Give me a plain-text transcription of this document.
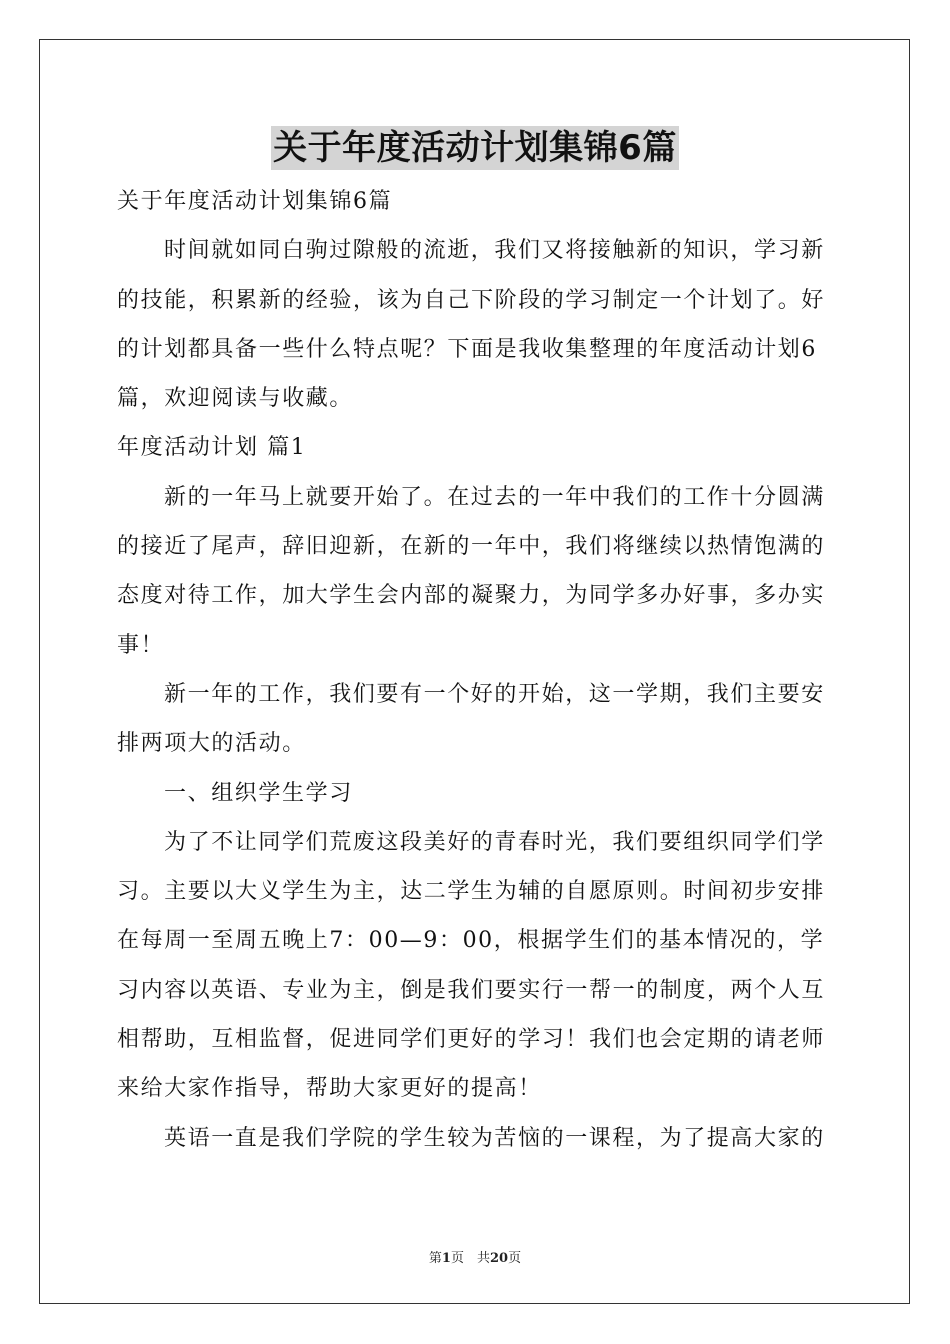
关于年度活动计划集锦6篇

关于年度活动计划集锦6篇

时间就如同白驹过隙般的流逝，我们又将接触新的知识，学习新

的技能，积累新的经验，该为自己下阶段的学习制定一个计划了。好

的计划都具备一些什么特点呢？下面是我收集整理的年度活动计划6

篇，欢迎阅读与收藏。

年度活动计划 篇1

新的一年马上就要开始了。在过去的一年中我们的工作十分圆满

的接近了尾声，辞旧迎新，在新的一年中，我们将继续以热情饱满的

态度对待工作，加大学生会内部的凝聚力，为同学多办好事，多办实

事！

新一年的工作，我们要有一个好的开始，这一学期，我们主要安

排两项大的活动。

一、组织学生学习

为了不让同学们荒废这段美好的青春时光，我们要组织同学们学

习。主要以大义学生为主，达二学生为辅的自愿原则。时间初步安排

在每周一至周五晚上7：00—9：00，根据学生们的基本情况的，学

习内容以英语、专业为主，倒是我们要实行一帮一的制度，两个人互

相帮助，互相监督，促进同学们更好的学习！我们也会定期的请老师

来给大家作指导，帮助大家更好的提高！

英语一直是我们学院的学生较为苦恼的一课程，为了提高大家的

第1页　共20页
